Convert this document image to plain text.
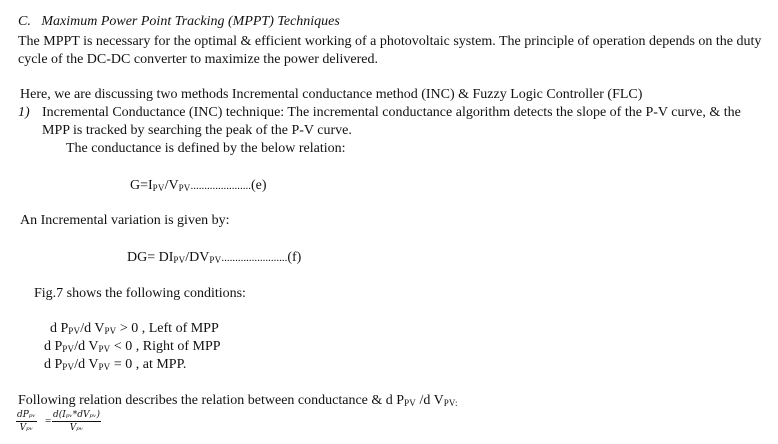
C. Maximum Power Point Tracking (MPPT) Techniques
The MPPT is necessary for the optimal & efficient working of a photovoltaic system. The principle of operation depends on the duty
cycle of the DC-DC converter to maximize the power delivered.
Here, we are discussing two methods Incremental conductance method (INC) & Fuzzy Logic Controller (FLC)
1) Incremental Conductance (INC) technique: The incremental conductance algorithm detects the slope of the P-V curve, & the
MPP is tracked by searching the peak of the P-V curve.
The conductance is defined by the below relation:
$G=I_{PV}/V_{PV}......................(e)$
An Incremental variation is given by:
$DG= DI_{PV}/DV_{PV}........................(f)$
Fig.7 shows the following conditions:
d $P_{PV}/d$ $V_{PV} > 0$ , Left of MPP
d $P_{PV}/d$ $V_{PV} < 0$ , Right of MPP
d $P_{PV}/d$ $V_{PV} = 0$ , at MPP.
Following relation describes the relation between conductance & d $P_{PV}$ /d $V_{PV:}$
dPₚᵥ
Vₚᵥ
= d(Iₚᵥ*dVₚᵥ)
Vₚᵥ
